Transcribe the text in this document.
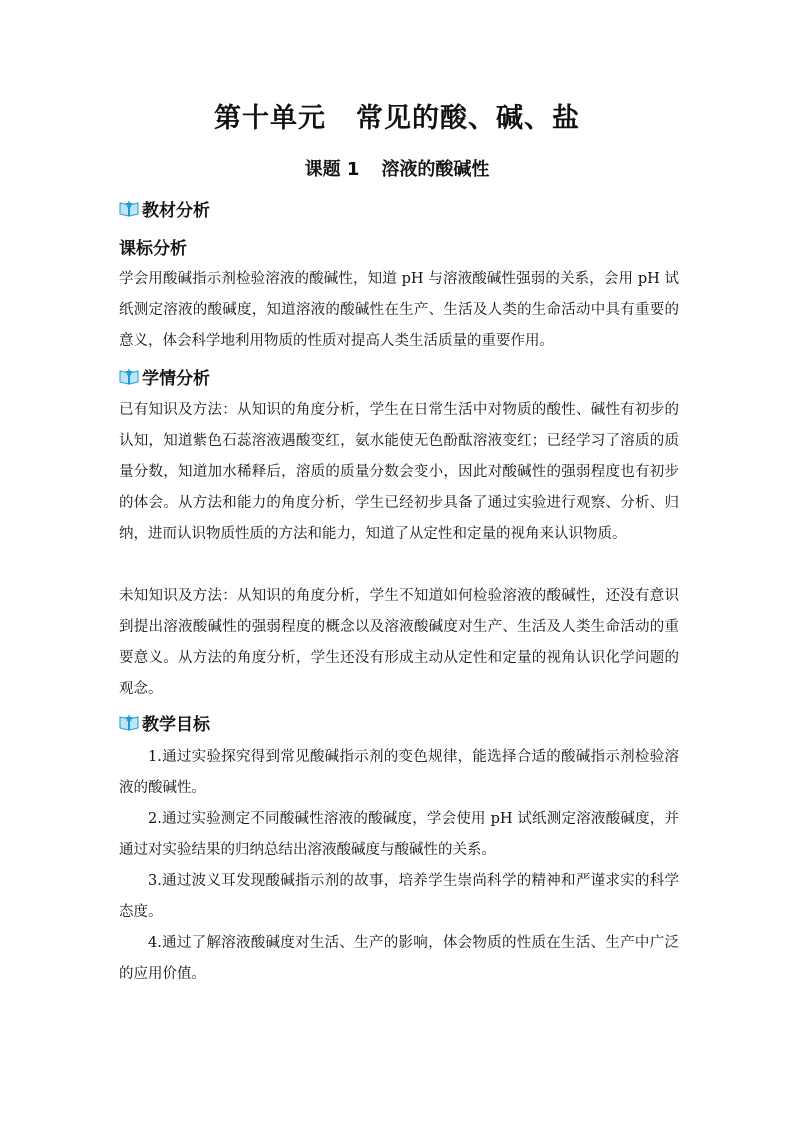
第十单元 常见的酸、碱、盐
课题 1 溶液的酸碱性
教材分析
课标分析

学会用酸碱指示剂检验溶液的酸碱性，知道 pH 与溶液酸碱性强弱的关系，会用 pH 试纸测定溶液的酸碱度，知道溶液的酸碱性在生产、生活及人类的生命活动中具有重要的意义，体会科学地利用物质的性质对提高人类生活质量的重要作用。

学情分析

已有知识及方法：从知识的角度分析，学生在日常生活中对物质的酸性、碱性有初步的认知，知道紫色石蕊溶液遇酸变红，氨水能使无色酚酞溶液变红；已经学习了溶质的质量分数，知道加水稀释后，溶质的质量分数会变小，因此对酸碱性的强弱程度也有初步的体会。从方法和能力的角度分析，学生已经初步具备了通过实验进行观察、分析、归纳，进而认识物质性质的方法和能力，知道了从定性和定量的视角来认识物质。

未知知识及方法：从知识的角度分析，学生不知道如何检验溶液的酸碱性，还没有意识到提出溶液酸碱性的强弱程度的概念以及溶液酸碱度对生产、生活及人类生命活动的重要意义。从方法的角度分析，学生还没有形成主动从定性和定量的视角认识化学问题的观念。

教学目标

1.通过实验探究得到常见酸碱指示剂的变色规律，能选择合适的酸碱指示剂检验溶液的酸碱性。

2.通过实验测定不同酸碱性溶液的酸碱度，学会使用 pH 试纸测定溶液酸碱度，并通过对实验结果的归纳总结出溶液酸碱度与酸碱性的关系。

3.通过波义耳发现酸碱指示剂的故事，培养学生崇尚科学的精神和严谨求实的科学态度。

4.通过了解溶液酸碱度对生活、生产的影响，体会物质的性质在生活、生产中广泛的应用价值。
